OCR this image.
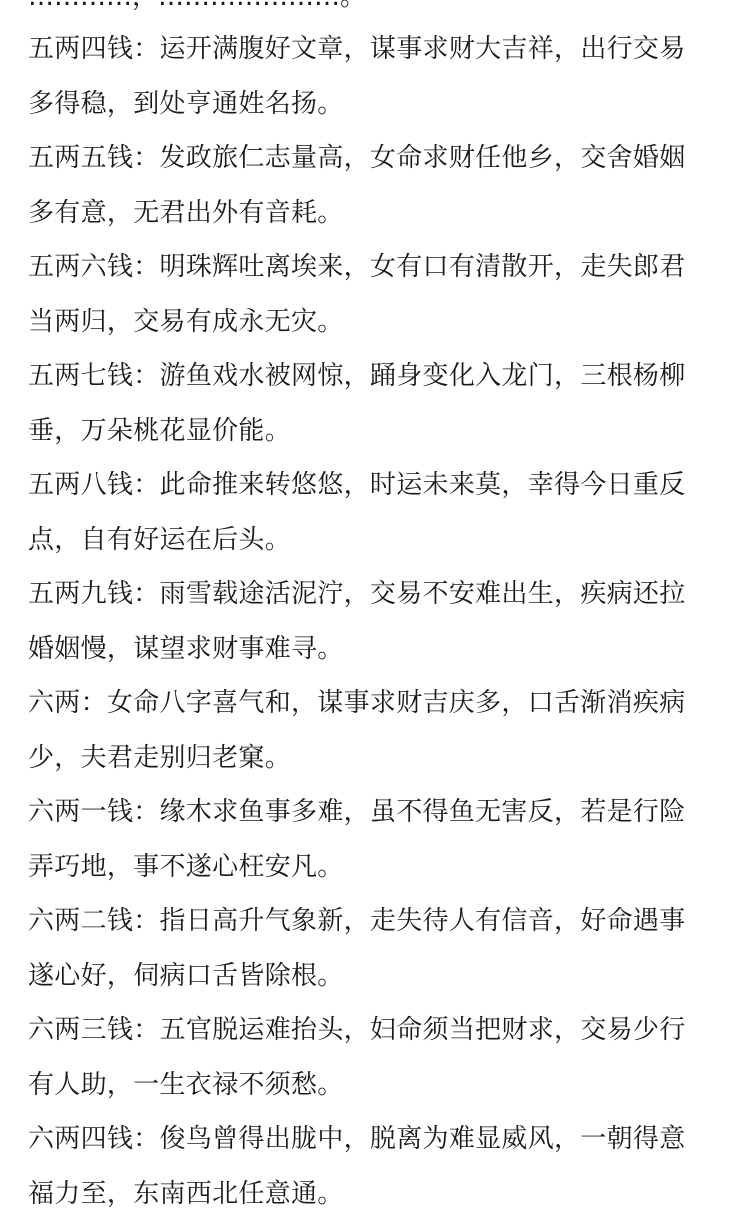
五两四钱：运开满腹好文章，谋事求财大吉祥，出行交易多得稳，到处亨通姓名扬。
五两五钱：发政旅仁志量高，女命求财任他乡，交舍婚姻多有意，无君出外有音耗。
五两六钱：明珠辉吐离埃来，女有口有清散开，走失郎君当两归，交易有成永无灾。
五两七钱：游鱼戏水被网惊，踊身变化入龙门，三根杨柳垂，万朵桃花显价能。
五两八钱：此命推来转悠悠，时运未来莫，幸得今日重反点，自有好运在后头。
五两九钱：雨雪载途活泥泞，交易不安难出生，疾病还拉婚姻慢，谋望求财事难寻。
六两：女命八字喜气和，谋事求财吉庆多，口舌渐消疾病少，夫君走别归老窠。
六两一钱：缘木求鱼事多难，虽不得鱼无害反，若是行险弄巧地，事不遂心枉安凡。
六两二钱：指日高升气象新，走失待人有信音，好命遇事遂心好，伺病口舌皆除根。
六两三钱：五官脱运难抬头，妇命须当把财求，交易少行有人助，一生衣禄不须愁。
六两四钱：俊鸟曾得出胧中，脱离为难显威风，一朝得意福力至，东南西北任意通。
